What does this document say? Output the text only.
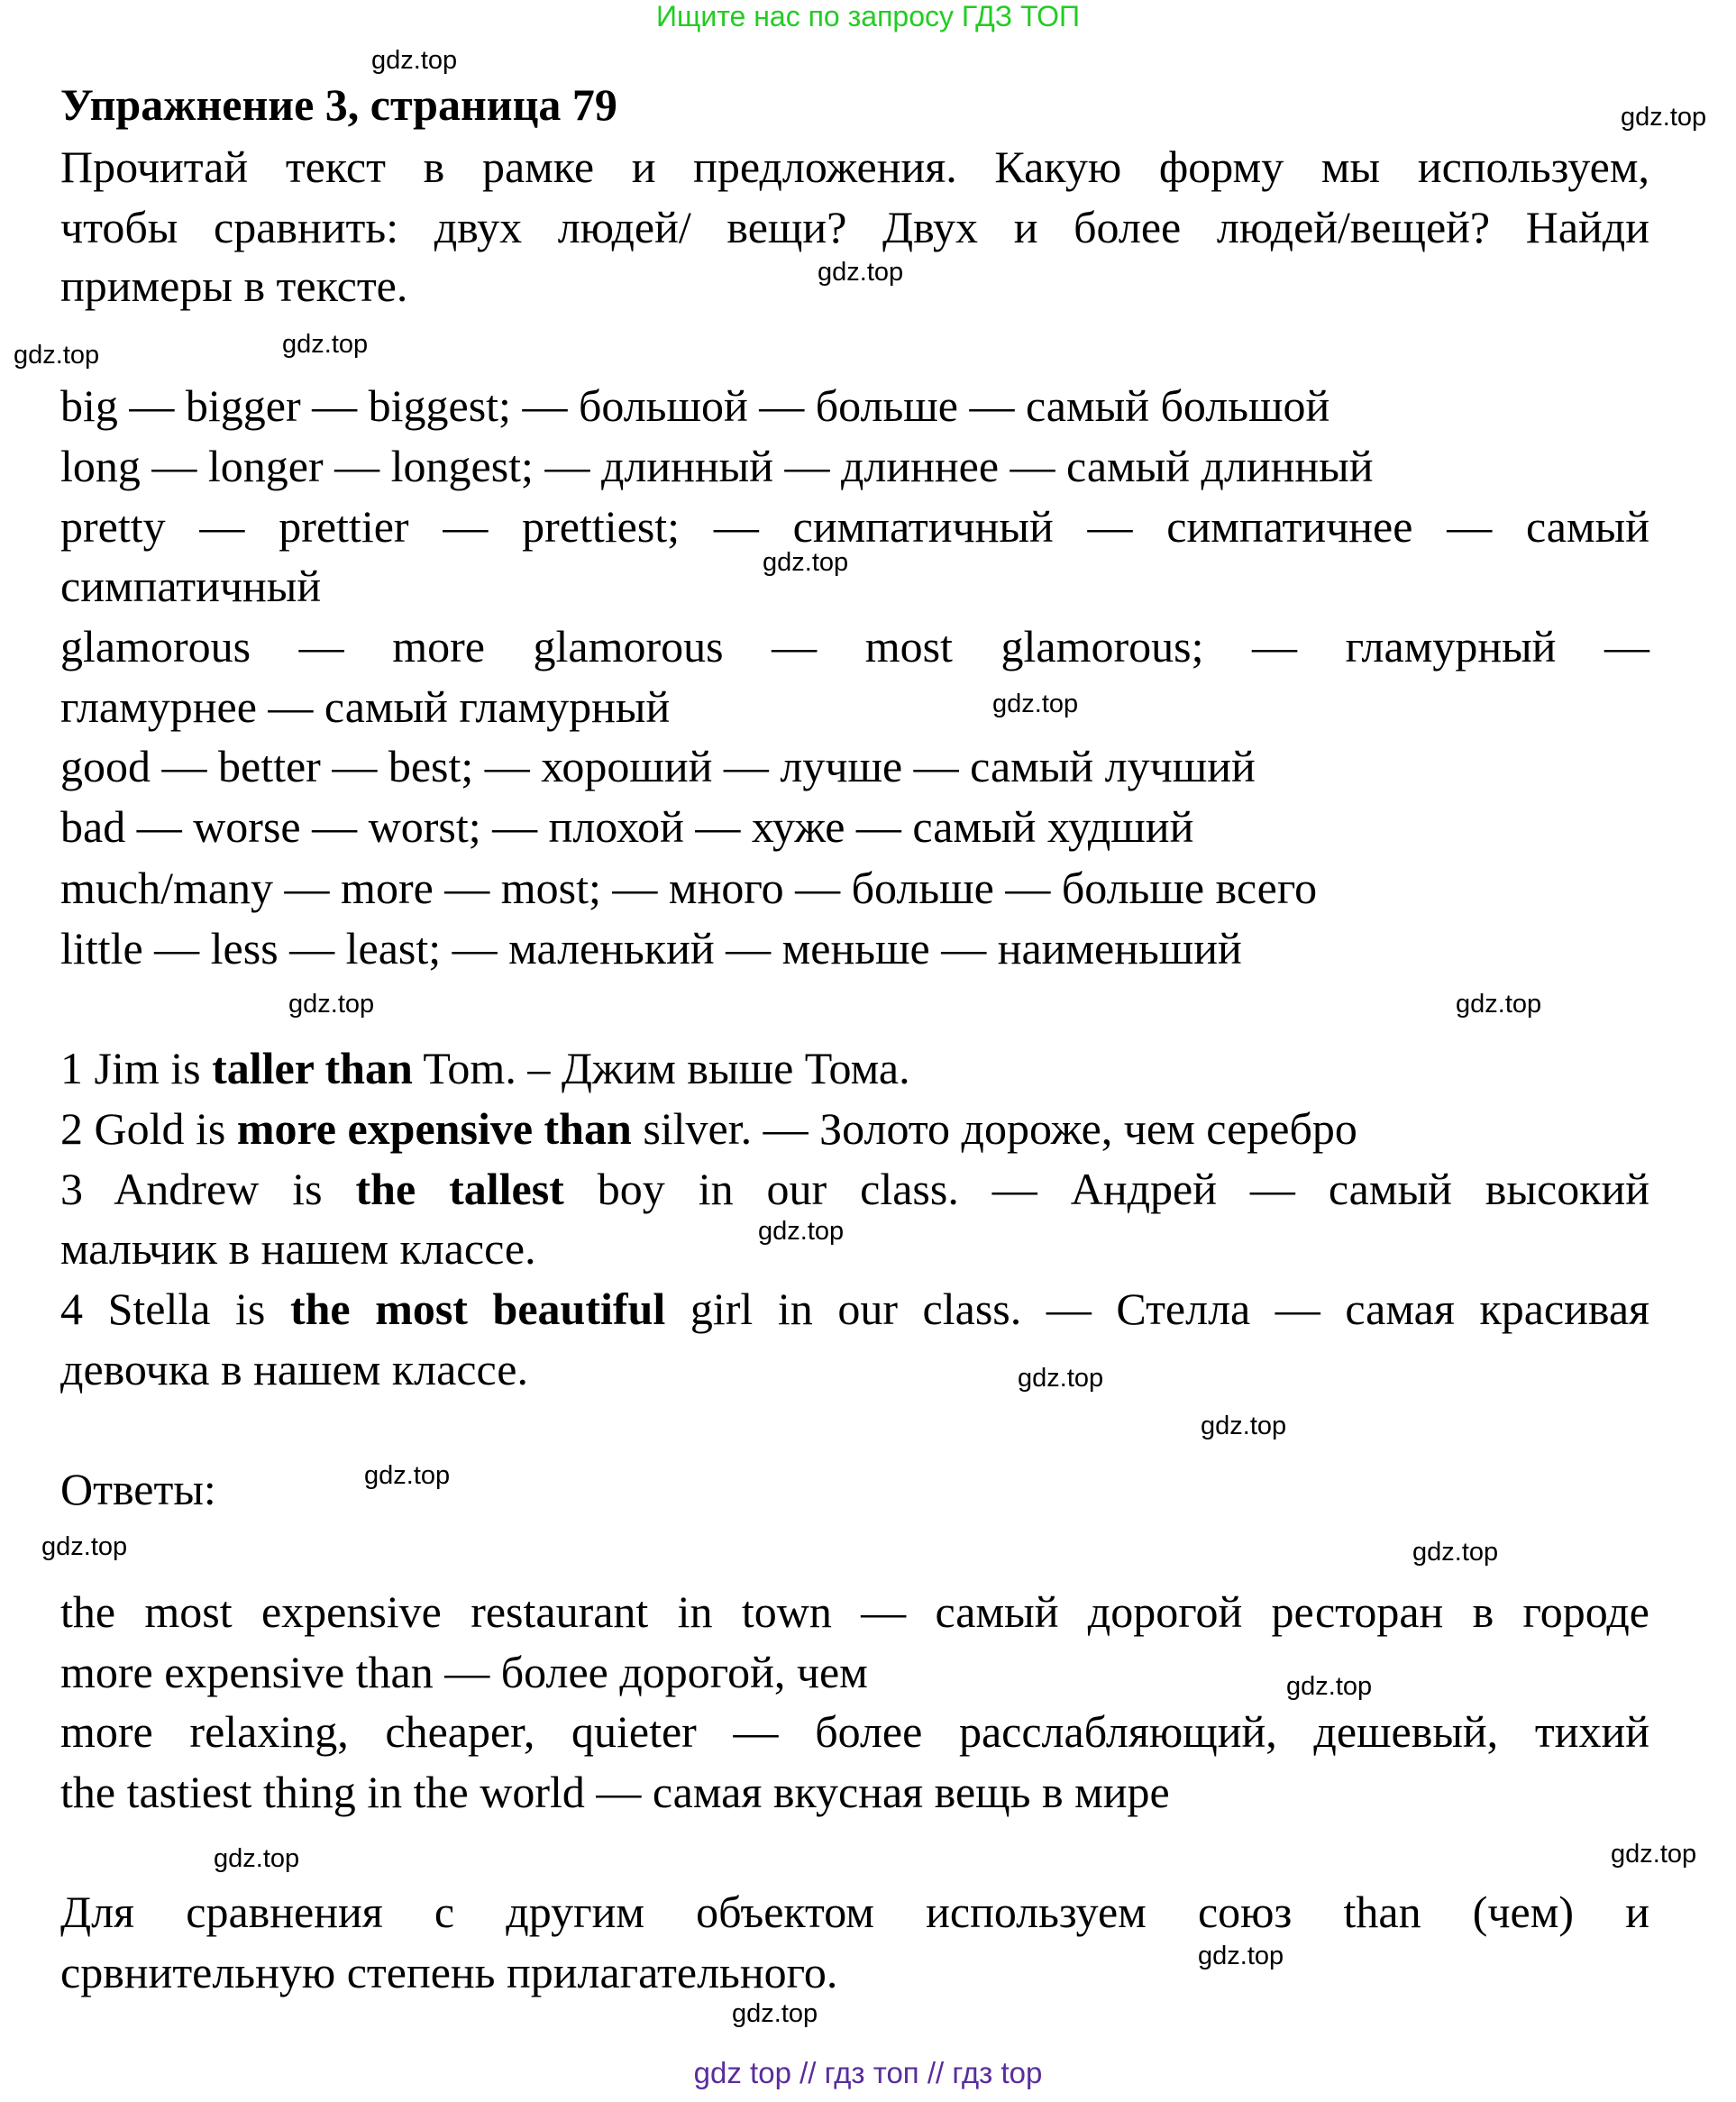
Ищите нас по запросу ГДЗ ТОП
Упражнение 3, страница 79
Прочитай текст в рамке и предложения. Какую форму мы используем,
чтобы сравнить: двух людей/ вещи? Двух и более людей/вещей? Найди
примеры в тексте.
big — bigger — biggest; — большой — больше — самый большой
long — longer — longest; — длинный — длиннее — самый длинный
pretty — prettier — prettiest; — симпатичный — симпатичнее — самый
симпатичный
glamorous — more glamorous — most glamorous; — гламурный —
гламурнее — самый гламурный
good — better — best; — хороший — лучше — самый лучший
bad — worse — worst; — плохой — хуже — самый худший
much/many — more — most; — много — больше — больше всего
little — less — least; — маленький — меньше — наименьший
1 Jim is taller than Tom. – Джим выше Тома.
2 Gold is more expensive than silver. — Золото дороже, чем серебро
3 Andrew is the tallest boy in our class. — Андрей — самый высокий
мальчик в нашем классе.
4 Stella is the most beautiful girl in our class. — Стелла — самая красивая
девочка в нашем классе.
Ответы:
the most expensive restaurant in town — самый дорогой ресторан в городе
more expensive than — более дорогой, чем
more relaxing, cheaper, quieter — более расслабляющий, дешевый, тихий
the tastiest thing in the world — самая вкусная вещь в мире
Для сравнения с другим объектом используем союз than (чем) и
срвнительную степень прилагательного.
gdz.top
gdz.top
gdz.top
gdz.top	gdz.top
gdz.top
gdz.top
gdz.top
gdz.top
gdz.top
gdz.top
gdz.top
gdz.top
gdz.top	gdz.top
gdz.top
gdz.top
gdz.top
gdz.top
gdz.top
gdz top // гдз топ // гдз top
